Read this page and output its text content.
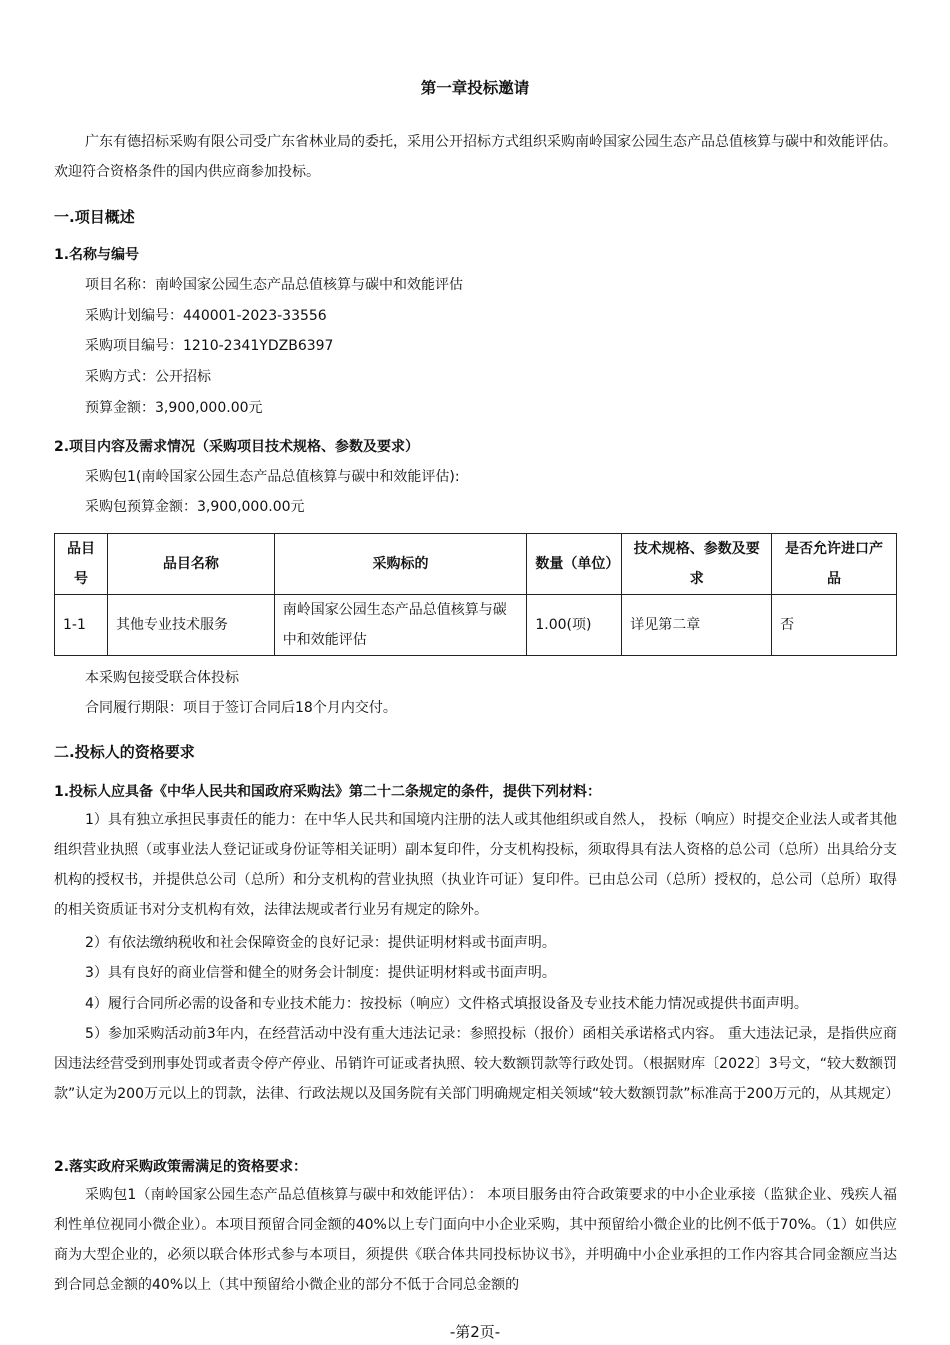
第一章投标邀请
广东有德招标采购有限公司受广东省林业局的委托，采用公开招标方式组织采购南岭国家公园生态产品总值核算与碳中和效能评估。欢迎符合资格条件的国内供应商参加投标。
一.项目概述
1.名称与编号
项目名称：南岭国家公园生态产品总值核算与碳中和效能评估
采购计划编号：440001-2023-33556
采购项目编号：1210-2341YDZB6397
采购方式：公开招标
预算金额：3,900,000.00元
2.项目内容及需求情况（采购项目技术规格、参数及要求）
采购包1(南岭国家公园生态产品总值核算与碳中和效能评估):
采购包预算金额：3,900,000.00元
品目号	品目名称	采购标的	数量（单位）	技术规格、参数及要求	是否允许进口产品
1-1	其他专业技术服务	南岭国家公园生态产品总值核算与碳中和效能评估	1.00(项)	详见第二章	否
本采购包接受联合体投标
合同履行期限：项目于签订合同后18个月内交付。
二.投标人的资格要求
1.投标人应具备《中华人民共和国政府采购法》第二十二条规定的条件，提供下列材料：
1）具有独立承担民事责任的能力：在中华人民共和国境内注册的法人或其他组织或自然人， 投标（响应）时提交企业法人或者其他组织营业执照（或事业法人登记证或身份证等相关证明）副本复印件，分支机构投标，须取得具有法人资格的总公司（总所）出具给分支机构的授权书，并提供总公司（总所）和分支机构的营业执照（执业许可证）复印件。已由总公司（总所）授权的，总公司（总所）取得的相关资质证书对分支机构有效，法律法规或者行业另有规定的除外。
2）有依法缴纳税收和社会保障资金的良好记录：提供证明材料或书面声明。
3）具有良好的商业信誉和健全的财务会计制度：提供证明材料或书面声明。
4）履行合同所必需的设备和专业技术能力：按投标（响应）文件格式填报设备及专业技术能力情况或提供书面声明。
5）参加采购活动前3年内，在经营活动中没有重大违法记录：参照投标（报价）函相关承诺格式内容。 重大违法记录，是指供应商因违法经营受到刑事处罚或者责令停产停业、吊销许可证或者执照、较大数额罚款等行政处罚。（根据财库〔2022〕3号文，“较大数额罚款”认定为200万元以上的罚款，法律、行政法规以及国务院有关部门明确规定相关领域“较大数额罚款”标准高于200万元的，从其规定）
2.落实政府采购政策需满足的资格要求：
采购包1（南岭国家公园生态产品总值核算与碳中和效能评估）： 本项目服务由符合政策要求的中小企业承接（监狱企业、残疾人福利性单位视同小微企业）。本项目预留合同金额的40%以上专门面向中小企业采购，其中预留给小微企业的比例不低于70%。（1）如供应商为大型企业的，必须以联合体形式参与本项目，须提供《联合体共同投标协议书》，并明确中小企业承担的工作内容其合同金额应当达到合同总金额的40%以上（其中预留给小微企业的部分不低于合同总金额的
-第2页-
